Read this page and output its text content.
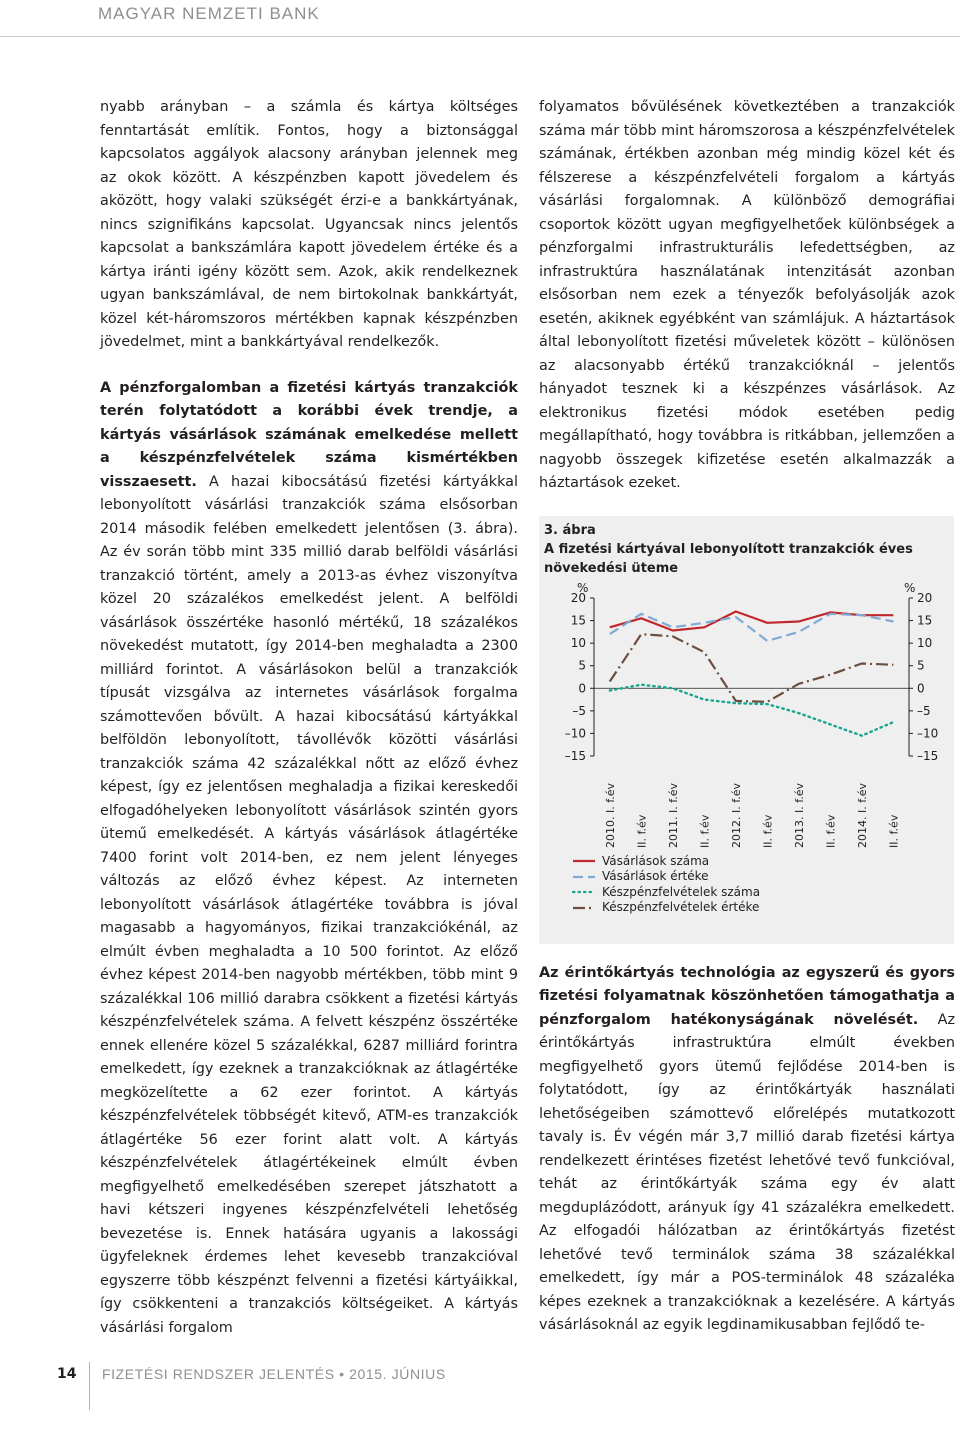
MAGYAR NEMZETI BANK

nyabb arányban – a számla és kártya költséges fenntartását említik. Fontos, hogy a biztonsággal kapcsolatos aggályok alacsony arányban jelennek meg az okok között. A készpénzben kapott jövedelem és aközött, hogy valaki szükségét érzi-e a bankkártyának, nincs szignifikáns kapcsolat. Ugyancsak nincs jelentős kapcsolat a bankszámlára kapott jövedelem értéke és a kártya iránti igény között sem. Azok, akik rendelkeznek ugyan bankszámlával, de nem birtokolnak bankkártyát, közel két-háromszoros mértékben kapnak készpénzben jövedelmet, mint a bankkártyával rendelkezők.

A pénzforgalomban a fizetési kártyás tranzakciók terén folytatódott a korábbi évek trendje, a kártyás vásárlások számának emelkedése mellett a készpénzfelvételek száma kismértékben visszaesett. A hazai kibocsátású fizetési kártyákkal lebonyolított vásárlási tranzakciók száma elsősorban 2014 második felében emelkedett jelentősen (3. ábra). Az év során több mint 335 millió darab belföldi vásárlási tranzakció történt, amely a 2013-as évhez viszonyítva közel 20 százalékos emelkedést jelent. A belföldi vásárlások összértéke hasonló mértékű, 18 százalékos növekedést mutatott, így 2014-ben meghaladta a 2300 milliárd forintot. A vásárlásokon belül a tranzakciók típusát vizsgálva az internetes vásárlások forgalma számottevően bővült. A hazai kibocsátású kártyákkal belföldön lebonyolított, távollévők közötti vásárlási tranzakciók száma 42 százalékkal nőtt az előző évhez képest, így ez jelentősen meghaladja a fizikai kereskedői elfogadóhelyeken lebonyolított vásárlások szintén gyors ütemű emelkedését. A kártyás vásárlások átlagértéke 7400 forint volt 2014-ben, ez nem jelent lényeges változás az előző évhez képest. Az interneten lebonyolított vásárlások átlagértéke továbbra is jóval magasabb a hagyományos, fizikai tranzakciókénál, az elmúlt évben meghaladta a 10 500 forintot. Az előző évhez képest 2014-ben nagyobb mértékben, több mint 9 százalékkal 106 millió darabra csökkent a fizetési kártyás készpénzfelvételek száma. A felvett készpénz összértéke ennek ellenére közel 5 százalékkal, 6287 milliárd forintra emelkedett, így ezeknek a tranzakcióknak az átlagértéke megközelítette a 62 ezer forintot. A kártyás készpénzfelvételek többségét kitevő, ATM-es tranzakciók átlagértéke 56 ezer forint alatt volt. A kártyás készpénzfelvételek átlagértékeinek elmúlt évben megfigyelhető emelkedésében szerepet játszhatott a havi kétszeri ingyenes készpénzfelvételi lehetőség bevezetése is. Ennek hatására ugyanis a lakossági ügyfeleknek érdemes lehet kevesebb tranzakcióval egyszerre több készpénzt felvenni a fizetési kártyáikkal, így csökkenteni a tranzakciós költségeiket. A kártyás vásárlási forgalom

folyamatos bővülésének következtében a tranzakciók száma már több mint háromszorosa a készpénzfelvételek számának, értékben azonban még mindig közel két és félszerese a készpénzfelvételi forgalom a kártyás vásárlási forgalomnak. A különböző demográfiai csoportok között ugyan megfigyelhetőek különbségek a pénzforgalmi infrastrukturális lefedettségben, az infrastruktúra használatának intenzitását azonban elsősorban nem ezek a tényezők befolyásolják azok esetén, akiknek egyébként van számlájuk. A háztartások által lebonyolított fizetési műveletek között – különösen az alacsonyabb értékű tranzakcióknál – jelentős hányadot tesznek ki a készpénzes vásárlások. Az elektronikus fizetési módok esetében pedig megállapítható, hogy továbbra is ritkábban, jellemzően a nagyobb összegek kifizetése esetén alkalmazzák a háztartások ezeket.

3. ábra
A fizetési kártyával lebonyolított tranzakciók éves növekedési üteme
%	%
20	20
15	15
10	10
5	5
0	0
–5	–5
–10	–10
–15	–15
2010. I. f.év II. f.év 2011. I. f.év II. f.év 2012. I. f.év II. f.év 2013. I. f.év II. f.év 2014. I. f.év II. f.év
Vásárlások száma
Vásárlások értéke
Készpénzfelvételek száma
Készpénzfelvételek értéke

Az érintőkártyás technológia az egyszerű és gyors fizetési folyamatnak köszönhetően támogathatja a pénzforgalom hatékonyságának növelését. Az érintőkártyás infrastruktúra elmúlt években megfigyelhető gyors ütemű fejlődése 2014-ben is folytatódott, így az érintőkártyák használati lehetőségeiben számottevő előrelépés mutatkozott tavaly is. Év végén már 3,7 millió darab fizetési kártya rendelkezett érintéses fizetést lehetővé tevő funkcióval, tehát az érintőkártyák száma egy év alatt megduplázódott, arányuk így 41 százalékra emelkedett. Az elfogadói hálózatban az érintőkártyás fizetést lehetővé tevő terminálok száma 38 százalékkal emelkedett, így már a POS-terminálok 48 százaléka képes ezeknek a tranzakcióknak a kezelésére. A kártyás vásárlásoknál az egyik legdinamikusabban fejlődő te-

14 FIZETÉSI RENDSZER JELENTÉS • 2015. JÚNIUS
